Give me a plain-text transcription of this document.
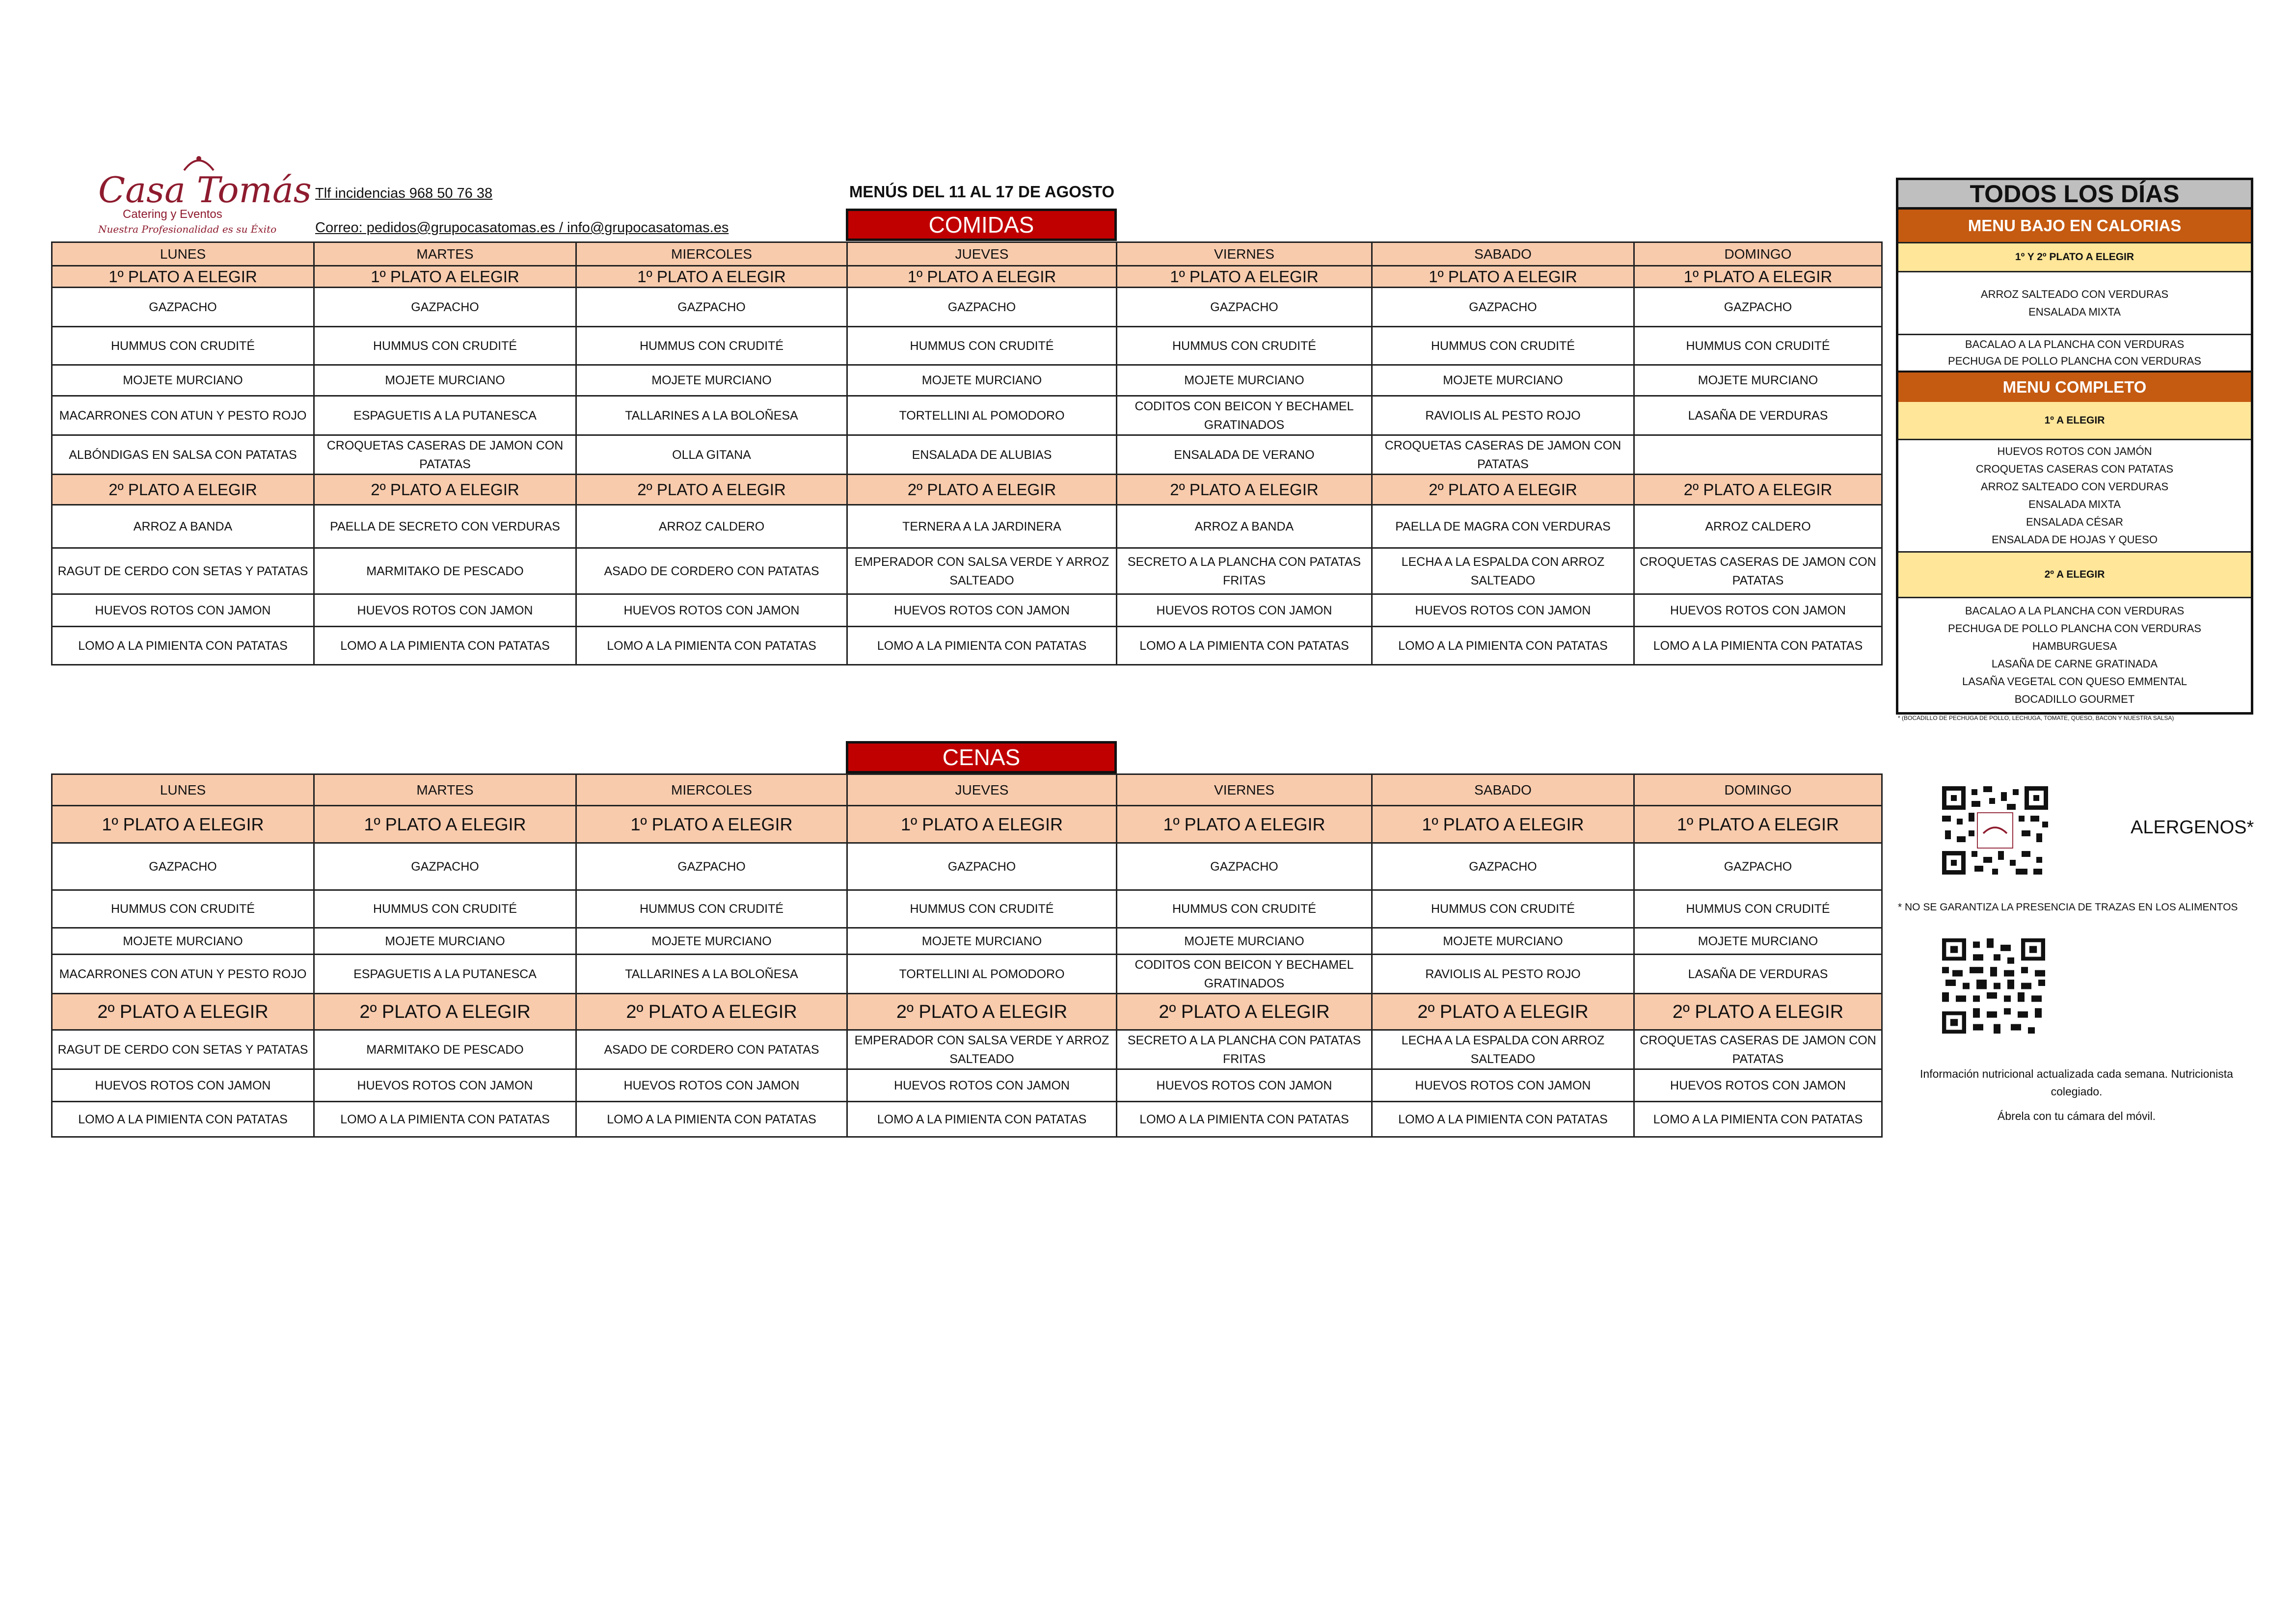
Casa Tomás
Catering y Eventos
Nuestra Profesionalidad es su Éxito
Tlf incidencias 968 50 76 38
Correo: pedidos@grupocasatomas.es / info@grupocasatomas.es
MENÚS DEL 11 AL 17 DE AGOSTO
COMIDAS
LUNES	MARTES	MIERCOLES	JUEVES	VIERNES	SABADO	DOMINGO
1º PLATO A ELEGIR	1º PLATO A ELEGIR	1º PLATO A ELEGIR	1º PLATO A ELEGIR	1º PLATO A ELEGIR	1º PLATO A ELEGIR	1º PLATO A ELEGIR
GAZPACHO	GAZPACHO	GAZPACHO	GAZPACHO	GAZPACHO	GAZPACHO	GAZPACHO
HUMMUS CON CRUDITÉ	HUMMUS CON CRUDITÉ	HUMMUS CON CRUDITÉ	HUMMUS CON CRUDITÉ	HUMMUS CON CRUDITÉ	HUMMUS CON CRUDITÉ	HUMMUS CON CRUDITÉ
MOJETE MURCIANO	MOJETE MURCIANO	MOJETE MURCIANO	MOJETE MURCIANO	MOJETE MURCIANO	MOJETE MURCIANO	MOJETE MURCIANO
MACARRONES CON ATUN Y PESTO ROJO	ESPAGUETIS A LA PUTANESCA	TALLARINES A LA BOLOÑESA	TORTELLINI AL POMODORO	CODITOS CON BEICON Y BECHAMEL GRATINADOS	RAVIOLIS AL PESTO ROJO	LASAÑA DE VERDURAS
ALBÓNDIGAS EN SALSA CON PATATAS	CROQUETAS CASERAS DE JAMON CON PATATAS	OLLA GITANA	ENSALADA DE ALUBIAS	ENSALADA DE VERANO	CROQUETAS CASERAS DE JAMON CON PATATAS	
2º PLATO A ELEGIR	2º PLATO A ELEGIR	2º PLATO A ELEGIR	2º PLATO A ELEGIR	2º PLATO A ELEGIR	2º PLATO A ELEGIR	2º PLATO A ELEGIR
ARROZ A BANDA	PAELLA DE SECRETO CON VERDURAS	ARROZ CALDERO	TERNERA A LA JARDINERA	ARROZ A BANDA	PAELLA DE MAGRA CON VERDURAS	ARROZ CALDERO
RAGUT DE CERDO CON SETAS Y PATATAS	MARMITAKO DE PESCADO	ASADO DE CORDERO CON PATATAS	EMPERADOR CON SALSA VERDE Y ARROZ SALTEADO	SECRETO A LA PLANCHA CON PATATAS FRITAS	LECHA A LA ESPALDA CON ARROZ SALTEADO	CROQUETAS CASERAS DE JAMON CON PATATAS
HUEVOS ROTOS CON JAMON	HUEVOS ROTOS CON JAMON	HUEVOS ROTOS CON JAMON	HUEVOS ROTOS CON JAMON	HUEVOS ROTOS CON JAMON	HUEVOS ROTOS CON JAMON	HUEVOS ROTOS CON JAMON
LOMO A LA PIMIENTA CON PATATAS	LOMO A LA PIMIENTA CON PATATAS	LOMO A LA PIMIENTA CON PATATAS	LOMO A LA PIMIENTA CON PATATAS	LOMO A LA PIMIENTA CON PATATAS	LOMO A LA PIMIENTA CON PATATAS	LOMO A LA PIMIENTA CON PATATAS
CENAS
LUNES	MARTES	MIERCOLES	JUEVES	VIERNES	SABADO	DOMINGO
1º PLATO A ELEGIR	1º PLATO A ELEGIR	1º PLATO A ELEGIR	1º PLATO A ELEGIR	1º PLATO A ELEGIR	1º PLATO A ELEGIR	1º PLATO A ELEGIR
GAZPACHO	GAZPACHO	GAZPACHO	GAZPACHO	GAZPACHO	GAZPACHO	GAZPACHO
HUMMUS CON CRUDITÉ	HUMMUS CON CRUDITÉ	HUMMUS CON CRUDITÉ	HUMMUS CON CRUDITÉ	HUMMUS CON CRUDITÉ	HUMMUS CON CRUDITÉ	HUMMUS CON CRUDITÉ
MOJETE MURCIANO	MOJETE MURCIANO	MOJETE MURCIANO	MOJETE MURCIANO	MOJETE MURCIANO	MOJETE MURCIANO	MOJETE MURCIANO
MACARRONES CON ATUN Y PESTO ROJO	ESPAGUETIS A LA PUTANESCA	TALLARINES A LA BOLOÑESA	TORTELLINI AL POMODORO	CODITOS CON BEICON Y BECHAMEL GRATINADOS	RAVIOLIS AL PESTO ROJO	LASAÑA DE VERDURAS
2º PLATO A ELEGIR	2º PLATO A ELEGIR	2º PLATO A ELEGIR	2º PLATO A ELEGIR	2º PLATO A ELEGIR	2º PLATO A ELEGIR	2º PLATO A ELEGIR
RAGUT DE CERDO CON SETAS Y PATATAS	MARMITAKO DE PESCADO	ASADO DE CORDERO CON PATATAS	EMPERADOR CON SALSA VERDE Y ARROZ SALTEADO	SECRETO A LA PLANCHA CON PATATAS FRITAS	LECHA A LA ESPALDA CON ARROZ SALTEADO	CROQUETAS CASERAS DE JAMON CON PATATAS
HUEVOS ROTOS CON JAMON	HUEVOS ROTOS CON JAMON	HUEVOS ROTOS CON JAMON	HUEVOS ROTOS CON JAMON	HUEVOS ROTOS CON JAMON	HUEVOS ROTOS CON JAMON	HUEVOS ROTOS CON JAMON
LOMO A LA PIMIENTA CON PATATAS	LOMO A LA PIMIENTA CON PATATAS	LOMO A LA PIMIENTA CON PATATAS	LOMO A LA PIMIENTA CON PATATAS	LOMO A LA PIMIENTA CON PATATAS	LOMO A LA PIMIENTA CON PATATAS	LOMO A LA PIMIENTA CON PATATAS
TODOS LOS DÍAS
MENU BAJO EN CALORIAS
1º Y 2º PLATO A ELEGIR
ARROZ SALTEADO CON VERDURAS
ENSALADA MIXTA
BACALAO A LA PLANCHA CON VERDURAS
PECHUGA DE POLLO PLANCHA CON VERDURAS
MENU COMPLETO
1º A ELEGIR
HUEVOS ROTOS CON JAMÓN
CROQUETAS CASERAS CON PATATAS
ARROZ SALTEADO CON VERDURAS
ENSALADA MIXTA
ENSALADA CÉSAR
ENSALADA DE HOJAS Y QUESO
2º A ELEGIR
BACALAO A LA PLANCHA CON VERDURAS
PECHUGA DE POLLO PLANCHA CON VERDURAS
HAMBURGUESA
LASAÑA DE CARNE GRATINADA
LASAÑA VEGETAL CON QUESO EMMENTAL
BOCADILLO GOURMET
* (BOCADILLO DE PECHUGA DE POLLO, LECHUGA, TOMATE, QUESO, BACON Y NUESTRA SALSA)
ALERGENOS*
* NO SE GARANTIZA LA PRESENCIA DE TRAZAS EN LOS ALIMENTOS

Información nutricional actualizada cada semana. Nutricionista colegiado.

Ábrela con tu cámara del móvil.
